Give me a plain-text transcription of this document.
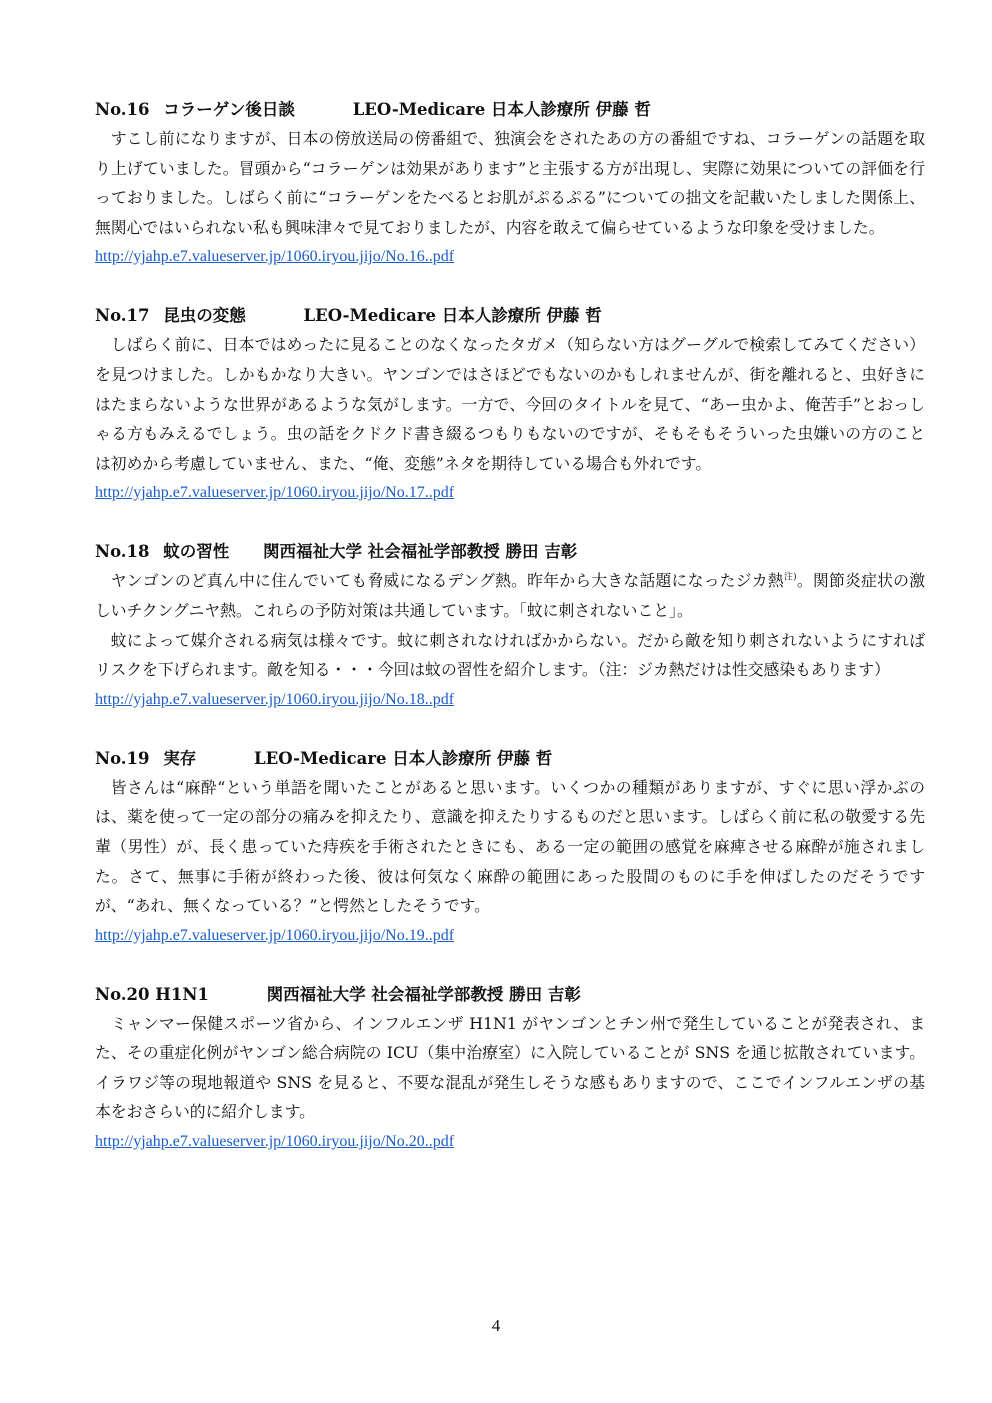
No.16 コラーゲン後日談	LEO-Medicare 日本人診療所 伊藤 哲

すこし前になりますが、日本の傍放送局の傍番組で、独演会をされたあの方の番組ですね、コラーゲンの話題を取り上げていました。冒頭から“コラーゲンは効果があります”と主張する方が出現し、実際に効果についての評価を行っておりました。しばらく前に“コラーゲンをたべるとお肌がぷるぷる”についての拙文を記載いたしました関係上、無関心ではいられない私も興味津々で見ておりましたが、内容を敢えて偏らせているような印象を受けました。

http://yjahp.e7.valueserver.jp/1060.iryou.jijo/No.16..pdf
No.17 昆虫の変態	LEO-Medicare 日本人診療所 伊藤 哲

しばらく前に、日本ではめったに見ることのなくなったタガメ（知らない方はグーグルで検索してみてください）を見つけました。しかもかなり大きい。ヤンゴンではさほどでもないのかもしれませんが、街を離れると、虫好きにはたまらないような世界があるような気がします。一方で、今回のタイトルを見て、“あー虫かよ、俺苦手”とおっしゃる方もみえるでしょう。虫の話をクドクド書き綴るつもりもないのですが、そもそもそういった虫嫌いの方のことは初めから考慮していません、また、“俺、変態”ネタを期待している場合も外れです。

http://yjahp.e7.valueserver.jp/1060.iryou.jijo/No.17..pdf
No.18 蚊の習性 関西福祉大学 社会福祉学部教授 勝田 吉彰

ヤンゴンのど真ん中に住んでいても脅威になるデング熱。昨年から大きな話題になったジカ熱$^{注)}$。関節炎症状の激しいチクングニヤ熱。これらの予防対策は共通しています。「蚊に刺されないこと」。

蚊によって媒介される病気は様々です。蚊に刺されなければかからない。だから敵を知り刺されないようにすればリスクを下げられます。敵を知る・・・今回は蚊の習性を紹介します。（注：ジカ熱だけは性交感染もあります）

http://yjahp.e7.valueserver.jp/1060.iryou.jijo/No.18..pdf
No.19 実存	LEO-Medicare 日本人診療所 伊藤 哲

皆さんは“麻酔“という単語を聞いたことがあると思います。いくつかの種類がありますが、すぐに思い浮かぶのは、薬を使って一定の部分の痛みを抑えたり、意識を抑えたりするものだと思います。しばらく前に私の敬愛する先輩（男性）が、長く患っていた痔疾を手術されたときにも、ある一定の範囲の感覚を麻痺させる麻酔が施されました。さて、無事に手術が終わった後、彼は何気なく麻酔の範囲にあった股間のものに手を伸ばしたのだそうですが、“あれ、無くなっている？”と愕然としたそうです。

http://yjahp.e7.valueserver.jp/1060.iryou.jijo/No.19..pdf
No.20 H1N1	関西福祉大学 社会福祉学部教授 勝田 吉彰

ミャンマー保健スポーツ省から、インフルエンザ H1N1 がヤンゴンとチン州で発生していることが発表され、また、その重症化例がヤンゴン総合病院の ICU（集中治療室）に入院していることが SNS を通じ拡散されています。イラワジ等の現地報道や SNS を見ると、不要な混乱が発生しそうな感もありますので、ここでインフルエンザの基本をおさらい的に紹介します。

http://yjahp.e7.valueserver.jp/1060.iryou.jijo/No.20..pdf
4
